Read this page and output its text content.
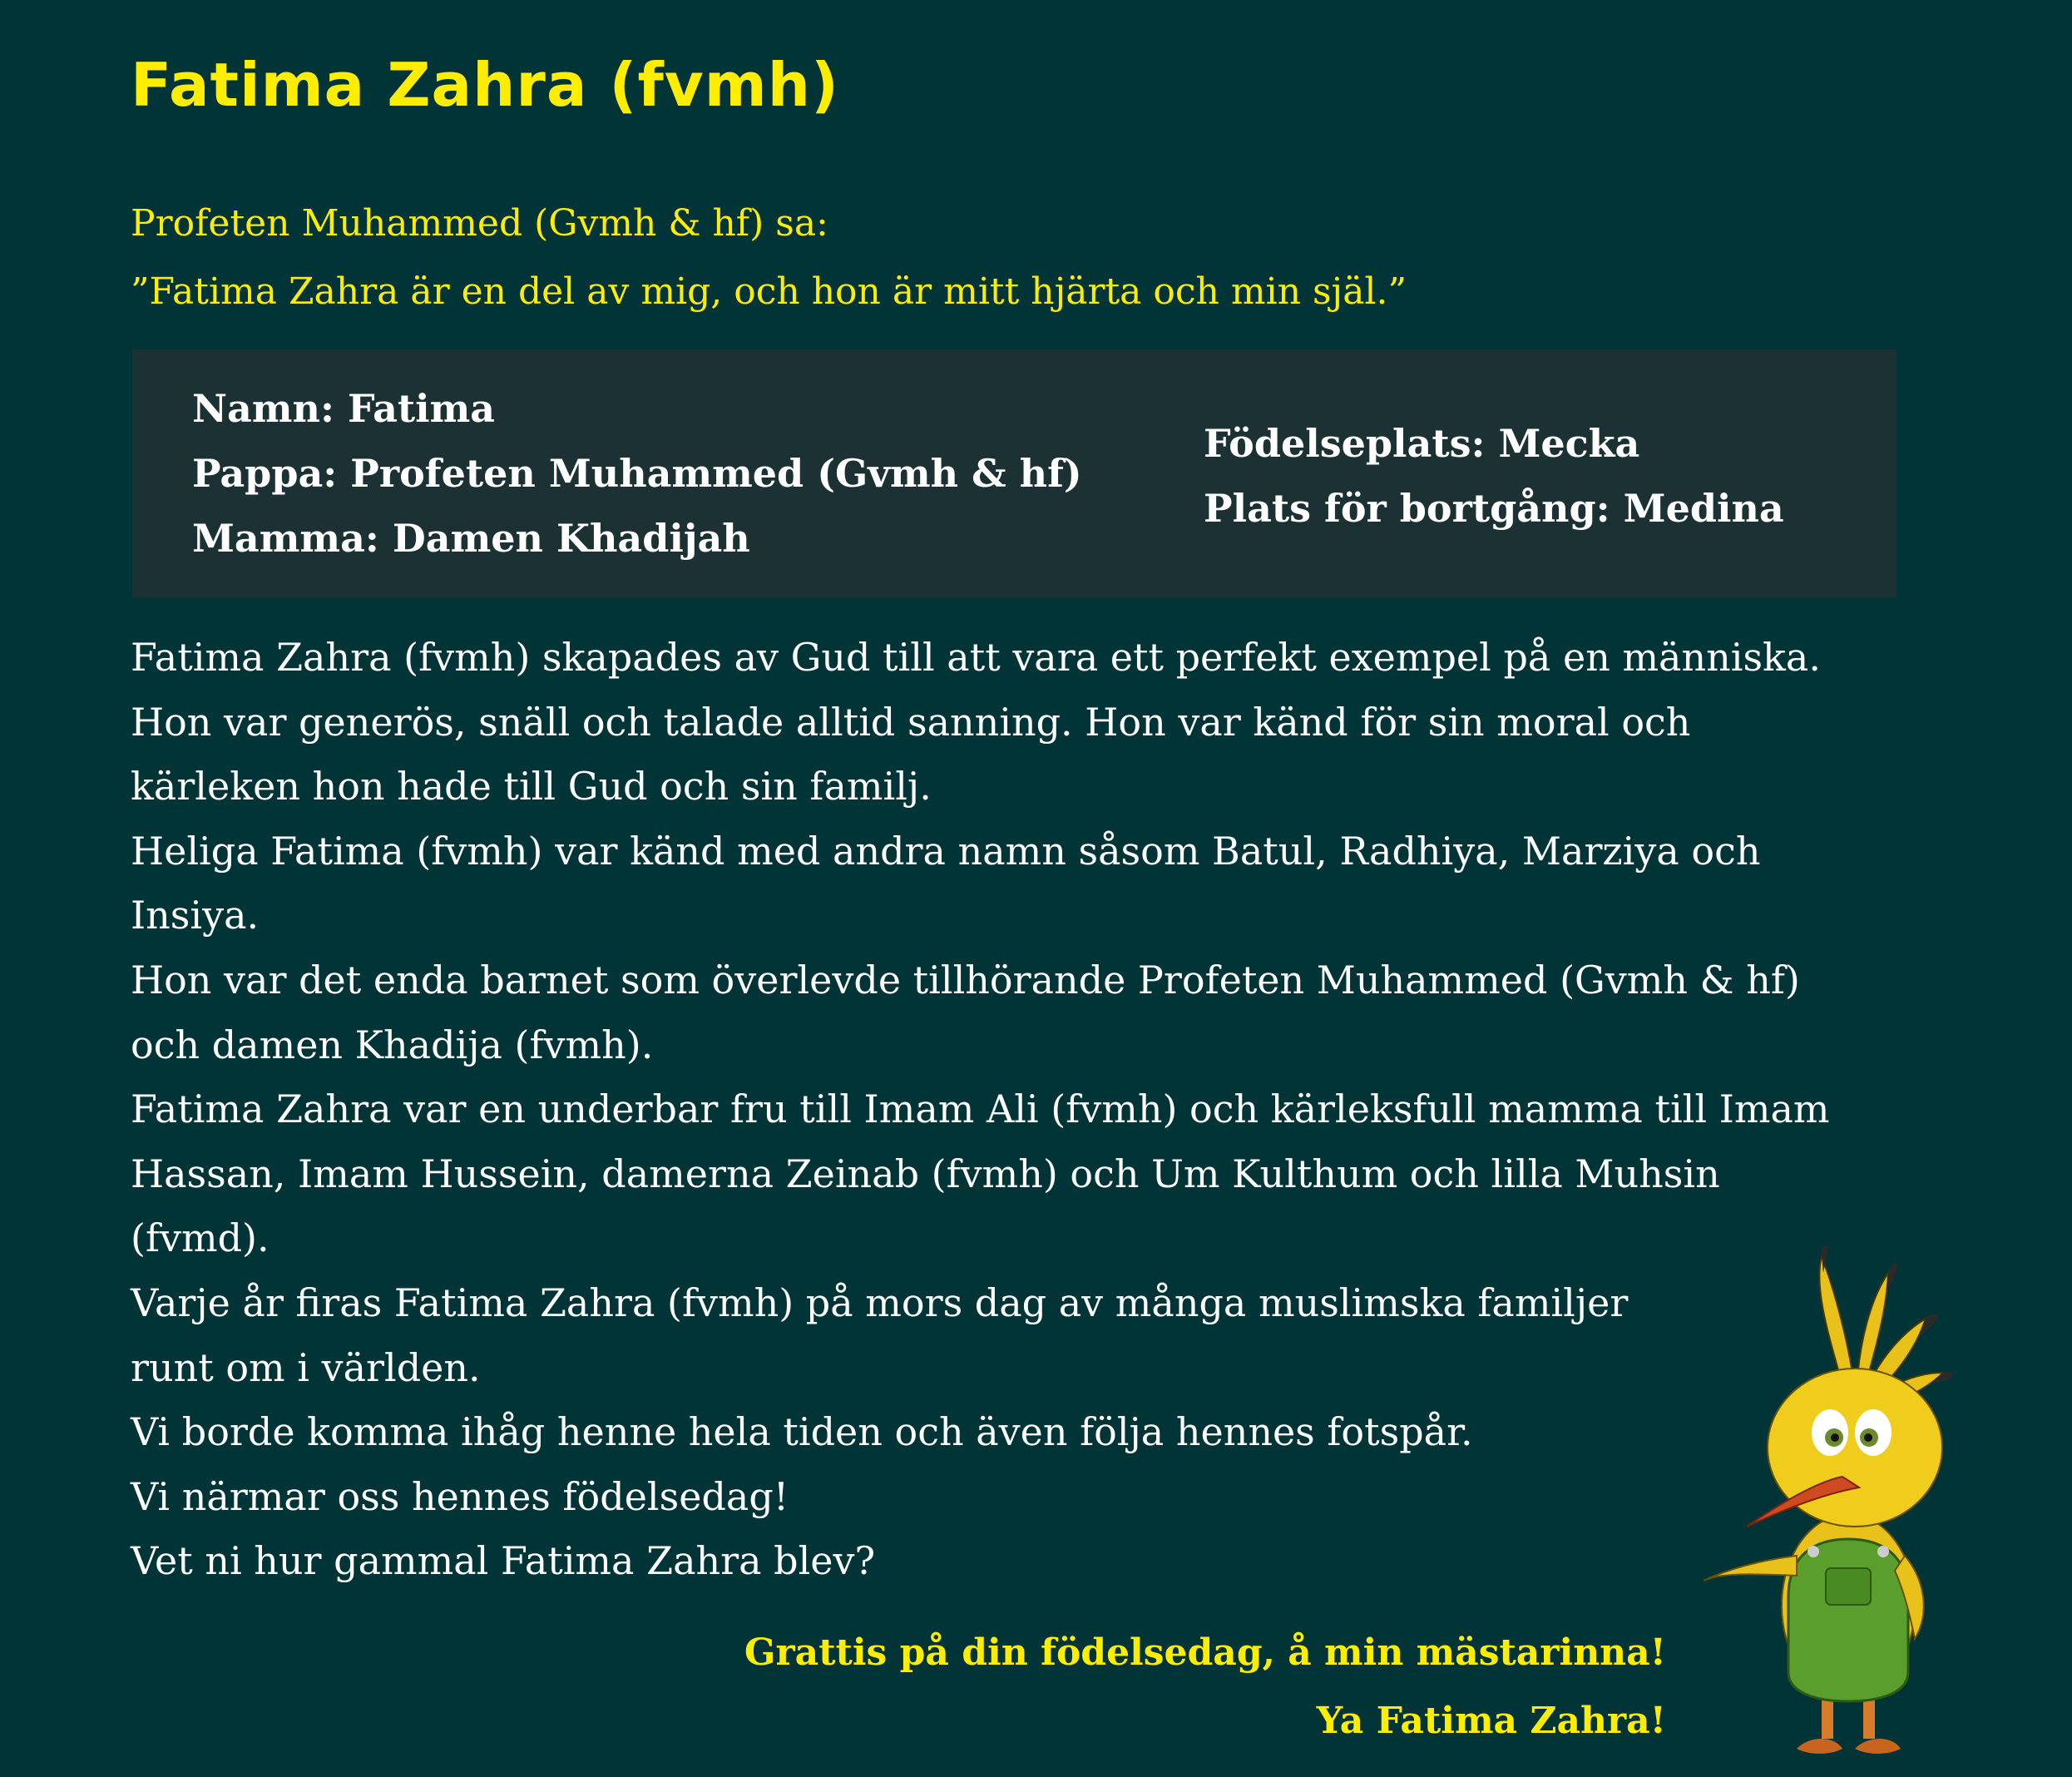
Fatima Zahra (fvmh)
Profeten Muhammed (Gvmh & hf) sa:
”Fatima Zahra är en del av mig, och hon är mitt hjärta och min själ.”
Namn: Fatima
Pappa: Profeten Muhammed (Gvmh & hf)
Mamma: Damen Khadijah
Födelseplats: Mecka
Plats för bortgång: Medina
Fatima Zahra (fvmh) skapades av Gud till att vara ett perfekt exempel på en människa.
Hon var generös, snäll och talade alltid sanning. Hon var känd för sin moral och
kärleken hon hade till Gud och sin familj.
Heliga Fatima (fvmh) var känd med andra namn såsom Batul, Radhiya, Marziya och
Insiya.
Hon var det enda barnet som överlevde tillhörande Profeten Muhammed (Gvmh & hf)
och damen Khadija (fvmh).
Fatima Zahra var en underbar fru till Imam Ali (fvmh) och kärleksfull mamma till Imam
Hassan, Imam Hussein, damerna Zeinab (fvmh) och Um Kulthum och lilla Muhsin
(fvmd).
Varje år firas Fatima Zahra (fvmh) på mors dag av många muslimska familjer
runt om i världen.
Vi borde komma ihåg henne hela tiden och även följa hennes fotspår.
Vi närmar oss hennes födelsedag!
Vet ni hur gammal Fatima Zahra blev?
Grattis på din födelsedag, å min mästarinna!
Ya Fatima Zahra!
